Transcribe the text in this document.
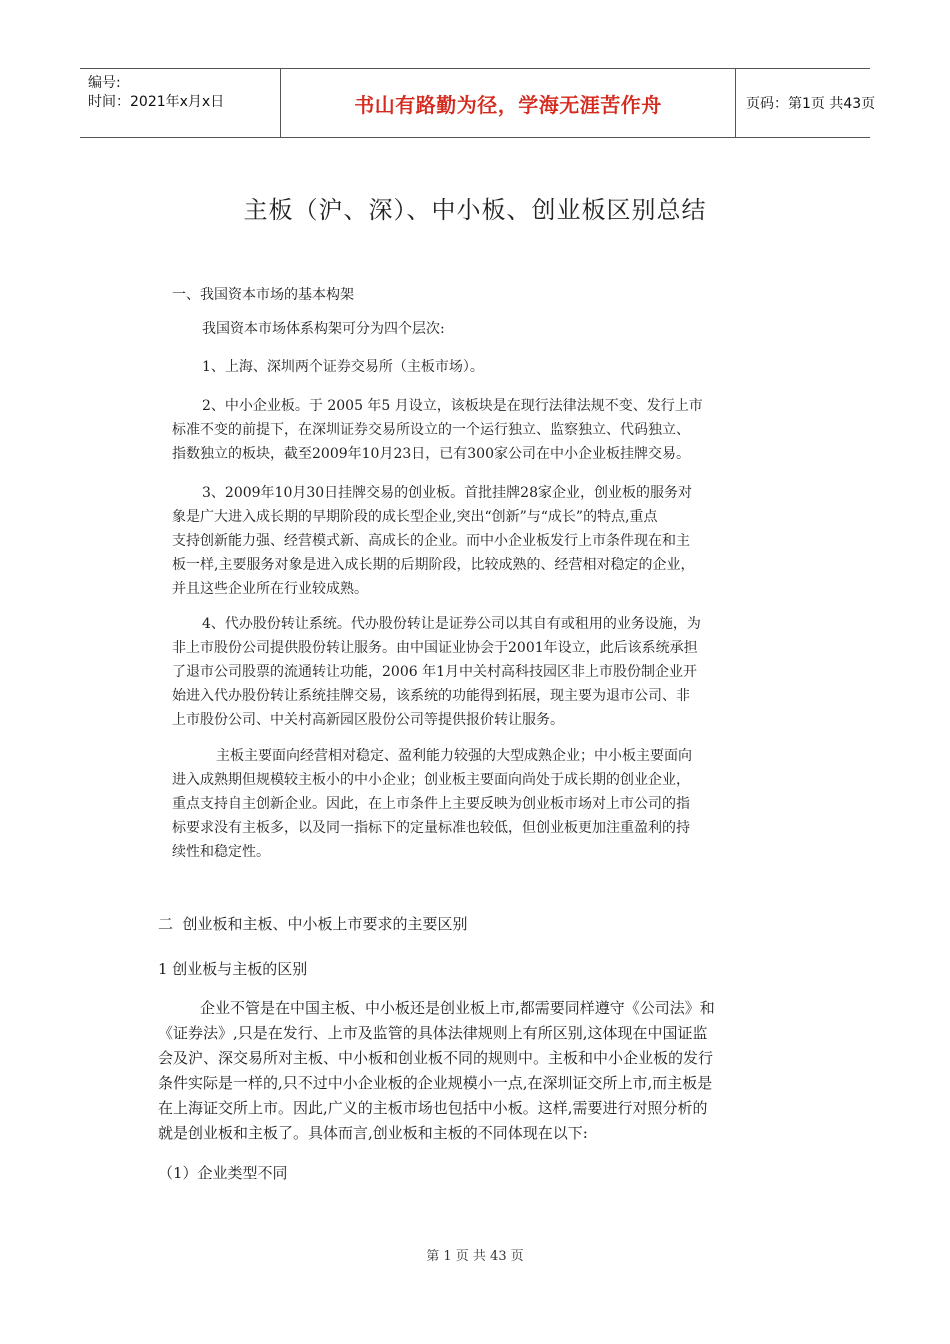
编号:
时间：2021年x月x日	书山有路勤为径，学海无涯苦作舟	页码：第1页 共43页
主板（沪、深）、中小板、创业板区别总结
一、我国资本市场的基本构架
我国资本市场体系构架可分为四个层次:
1、上海、深圳两个证券交易所（主板市场）。
2、中小企业板。于 2005 年5 月设立，该板块是在现行法律法规不变、发行上市
标准不变的前提下，在深圳证券交易所设立的一个运行独立、监察独立、代码独立、
指数独立的板块，截至2009年10月23日，已有300家公司在中小企业板挂牌交易。
3、2009年10月30日挂牌交易的创业板。首批挂牌28家企业，创业板的服务对
象是广大进入成长期的早期阶段的成长型企业,突出“创新”与“成长”的特点,重点
支持创新能力强、经营模式新、高成长的企业。而中小企业板发行上市条件现在和主
板一样,主要服务对象是进入成长期的后期阶段，比较成熟的、经营相对稳定的企业，
并且这些企业所在行业较成熟。
4、代办股份转让系统。代办股份转让是证券公司以其自有或租用的业务设施，为
非上市股份公司提供股份转让服务。由中国证业协会于2001年设立，此后该系统承担
了退市公司股票的流通转让功能，2006 年1月中关村高科技园区非上市股份制企业开
始进入代办股份转让系统挂牌交易，该系统的功能得到拓展，现主要为退市公司、非
上市股份公司、中关村高新园区股份公司等提供报价转让服务。
主板主要面向经营相对稳定、盈利能力较强的大型成熟企业；中小板主要面向
进入成熟期但规模较主板小的中小企业；创业板主要面向尚处于成长期的创业企业，
重点支持自主创新企业。因此，在上市条件上主要反映为创业板市场对上市公司的指
标要求没有主板多，以及同一指标下的定量标准也较低，但创业板更加注重盈利的持
续性和稳定性。
二  创业板和主板、中小板上市要求的主要区别
1 创业板与主板的区别
企业不管是在中国主板、中小板还是创业板上市,都需要同样遵守《公司法》和
《证券法》,只是在发行、上市及监管的具体法律规则上有所区别,这体现在中国证监
会及沪、深交易所对主板、中小板和创业板不同的规则中。主板和中小企业板的发行
条件实际是一样的,只不过中小企业板的企业规模小一点,在深圳证交所上市,而主板是
在上海证交所上市。因此,广义的主板市场也包括中小板。这样,需要进行对照分析的
就是创业板和主板了。具体而言,创业板和主板的不同体现在以下:
（1）企业类型不同
第 1 页 共 43 页
